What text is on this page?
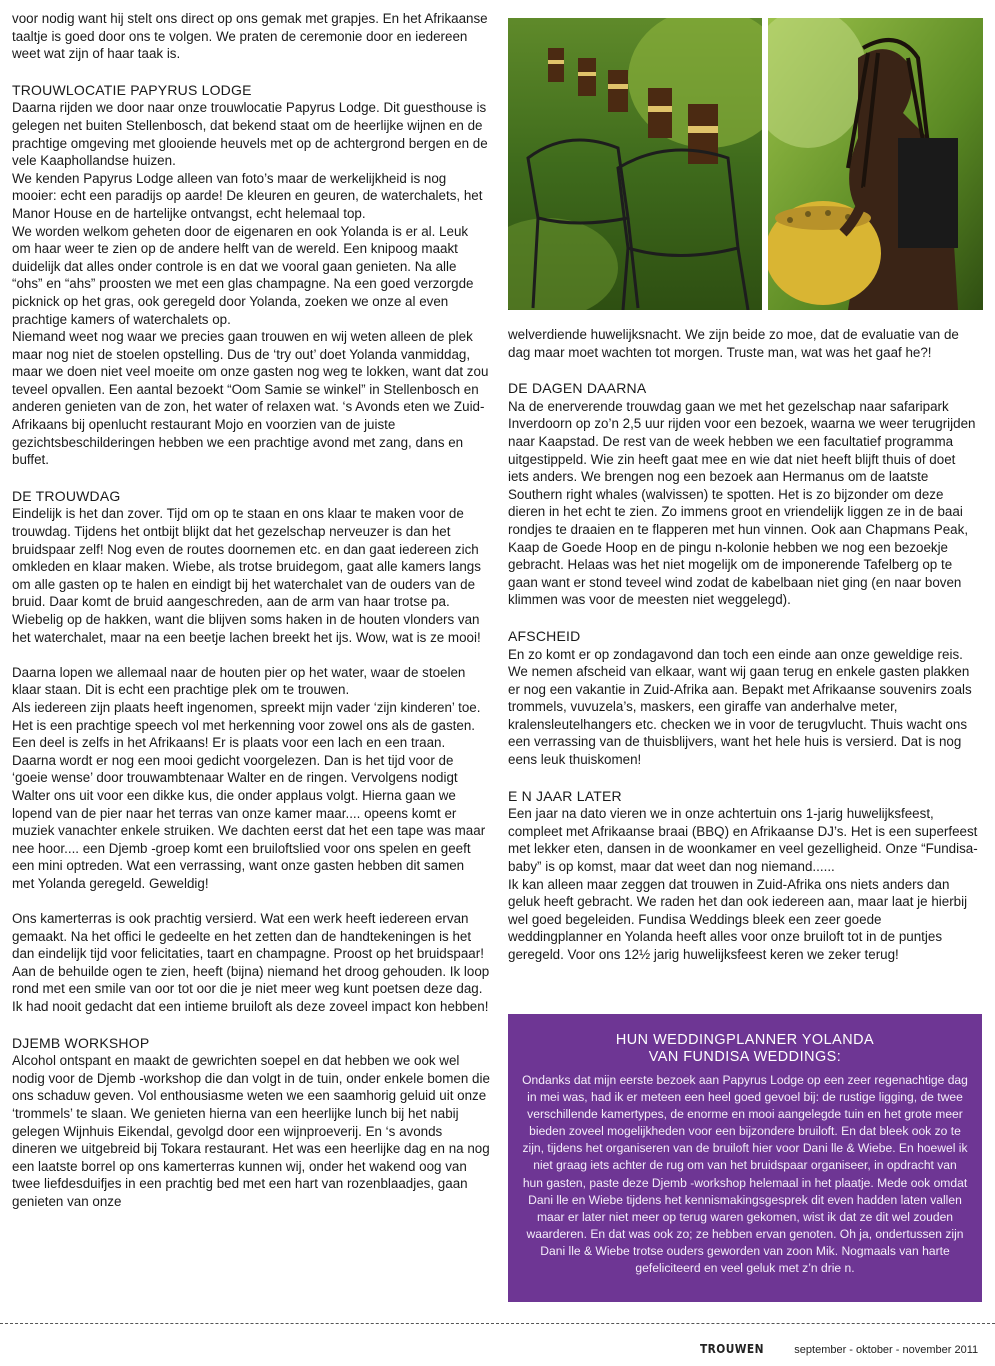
voor nodig want hij stelt ons direct op ons gemak met grapjes. En het Afrikaanse taaltje is goed door ons te volgen. We praten de ceremonie door en iedereen weet wat zijn of haar taak is.

TROUWLOCATIE PAPYRUS LODGE

Daarna rijden we door naar onze trouwlocatie Papyrus Lodge. Dit guesthouse is gelegen net buiten Stellenbosch, dat bekend staat om de heerlijke wijnen en de prachtige omgeving met glooiende heuvels met op de achtergrond bergen en de vele Kaaphollandse huizen.

We kenden Papyrus Lodge alleen van foto’s maar de werkelijkheid is nog mooier: echt een paradijs op aarde! De kleuren en geuren, de waterchalets, het Manor House en de hartelijke ontvangst, echt helemaal top.

We worden welkom geheten door de eigenaren en ook Yolanda is er al. Leuk om haar weer te zien op de andere helft van de wereld. Een knipoog maakt duidelijk dat alles onder controle is en dat we vooral gaan genieten. Na alle “ohs” en “ahs” proosten we met een glas champagne. Na een goed verzorgde picknick op het gras, ook geregeld door Yolanda, zoeken we onze al even prachtige kamers of waterchalets op.

Niemand weet nog waar we precies gaan trouwen en wij weten alleen de plek maar nog niet de stoelen opstelling. Dus de ‘try out’ doet Yolanda vanmiddag, maar we doen niet veel moeite om onze gasten nog weg te lokken, want dat zou teveel opvallen. Een aantal bezoekt “Oom Samie se winkel” in Stellenbosch en anderen genieten van de zon, het water of relaxen wat. ‘s Avonds eten we Zuid-Afrikaans bij openlucht restaurant Mojo en voorzien van de juiste gezichtsbeschilderingen hebben we een prachtige avond met zang, dans en buffet.

DE TROUWDAG

Eindelijk is het dan zover. Tijd om op te staan en ons klaar te maken voor de trouwdag. Tijdens het ontbijt blijkt dat het gezelschap nerveuzer is dan het bruidspaar zelf! Nog even de routes doornemen etc. en dan gaat iedereen zich omkleden en klaar maken. Wiebe, als trotse bruidegom, gaat alle kamers langs om alle gasten op te halen en eindigt bij het waterchalet van de ouders van de bruid. Daar komt de bruid aangeschreden, aan de arm van haar trotse pa. Wiebelig op de hakken, want die blijven soms haken in de houten vlonders van het waterchalet, maar na een beetje lachen breekt het ijs. Wow, wat is ze mooi!

Daarna lopen we allemaal naar de houten pier op het water, waar de stoelen klaar staan. Dit is echt een prachtige plek om te trouwen.

Als iedereen zijn plaats heeft ingenomen, spreekt mijn vader ‘zijn kinderen’ toe. Het is een prachtige speech vol met herkenning voor zowel ons als de gasten. Een deel is zelfs in het Afrikaans! Er is plaats voor een lach en een traan. Daarna wordt er nog een mooi gedicht voorgelezen. Dan is het tijd voor de ‘goeie wense’ door trouwambtenaar Walter en de ringen. Vervolgens nodigt Walter ons uit voor een dikke kus, die onder applaus volgt. Hierna gaan we lopend van de pier naar het terras van onze kamer maar.... opeens komt er muziek vanachter enkele struiken. We dachten eerst dat het een tape was maar nee hoor.... een Djemb -groep komt een bruiloftslied voor ons spelen en geeft een mini optreden. Wat een verrassing, want onze gasten hebben dit samen met Yolanda geregeld. Geweldig!

Ons kamerterras is ook prachtig versierd. Wat een werk heeft iedereen ervan gemaakt. Na het offici le gedeelte en het zetten dan de handtekeningen is het dan eindelijk tijd voor felicitaties, taart en champagne. Proost op het bruidspaar! Aan de behuilde ogen te zien, heeft (bijna) niemand het droog gehouden. Ik loop rond met een smile van oor tot oor die je niet meer weg kunt poetsen deze dag. Ik had nooit gedacht dat een intieme bruiloft als deze zoveel impact kon hebben!

DJEMB WORKSHOP

Alcohol ontspant en maakt de gewrichten soepel en dat hebben we ook wel nodig voor de Djemb -workshop die dan volgt in de tuin, onder enkele bomen die ons schaduw geven. Vol enthousiasme weten we een saamhorig geluid uit onze ‘trommels’ te slaan. We genieten hierna van een heerlijke lunch bij het nabij gelegen Wijnhuis Eikendal, gevolgd door een wijnproeverij. En ‘s avonds dineren we uitgebreid bij Tokara restaurant. Het was een heerlijke dag en na nog een laatste borrel op ons kamerterras kunnen wij, onder het wakend oog van twee liefdesduifjes in een prachtig bed met een hart van rozenblaadjes, gaan genieten van onze

welverdiende huwelijksnacht. We zijn beide zo moe, dat de evaluatie van de dag maar moet wachten tot morgen. Truste man, wat was het gaaf he?!

DE DAGEN DAARNA

Na de enerverende trouwdag gaan we met het gezelschap naar safaripark Inverdoorn op zo’n 2,5 uur rijden voor een bezoek, waarna we weer terugrijden naar Kaapstad. De rest van de week hebben we een facultatief programma uitgestippeld. Wie zin heeft gaat mee en wie dat niet heeft blijft thuis of doet iets anders. We brengen nog een bezoek aan Hermanus om de laatste Southern right whales (walvissen) te spotten. Het is zo bijzonder om deze dieren in het echt te zien. Zo immens groot en vriendelijk liggen ze in de baai rondjes te draaien en te flapperen met hun vinnen. Ook aan Chapmans Peak, Kaap de Goede Hoop en de pingu n-kolonie hebben we nog een bezoekje gebracht. Helaas was het niet mogelijk om de imponerende Tafelberg op te gaan want er stond teveel wind zodat de kabelbaan niet ging (en naar boven klimmen was voor de meesten niet weggelegd).

AFSCHEID

En zo komt er op zondagavond dan toch een einde aan onze geweldige reis. We nemen afscheid van elkaar, want wij gaan terug en enkele gasten plakken er nog een vakantie in Zuid-Afrika aan. Bepakt met Afrikaanse souvenirs zoals trommels, vuvuzela’s, maskers, een giraffe van anderhalve meter, kralensleutelhangers etc. checken we in voor de terugvlucht. Thuis wacht ons een verrassing van de thuisblijvers, want het hele huis is versierd. Dat is nog eens leuk thuiskomen!

E N JAAR LATER

Een jaar na dato vieren we in onze achtertuin ons 1-jarig huwelijksfeest, compleet met Afrikaanse braai (BBQ) en Afrikaanse DJ’s. Het is een superfeest met lekker eten, dansen in de woonkamer en veel gezelligheid. Onze “Fundisa-baby” is op komst, maar dat weet dan nog niemand......

Ik kan alleen maar zeggen dat trouwen in Zuid-Afrika ons niets anders dan geluk heeft gebracht. We raden het dan ook iedereen aan, maar laat je hierbij wel goed begeleiden. Fundisa Weddings bleek een zeer goede weddingplanner en Yolanda heeft alles voor onze bruiloft tot in de puntjes geregeld. Voor ons 12½ jarig huwelijksfeest keren we zeker terug!

HUN WEDDINGPLANNER YOLANDA
VAN FUNDISA WEDDINGS:

Ondanks dat mijn eerste bezoek aan Papyrus Lodge op een zeer regenachtige dag in mei was, had ik er meteen een heel goed gevoel bij: de rustige ligging, de twee verschillende kamertypes, de enorme en mooi aangelegde tuin en het grote meer bieden zoveel mogelijkheden voor een bijzondere bruiloft. En dat bleek ook zo te zijn, tijdens het organiseren van de bruiloft hier voor Dani lle & Wiebe. En hoewel ik niet graag iets achter de rug om van het bruidspaar organiseer, in opdracht van hun gasten, paste deze Djemb -workshop helemaal in het plaatje. Mede ook omdat Dani lle en Wiebe tijdens het kennismakingsgesprek dit even hadden laten vallen maar er later niet meer op terug waren gekomen, wist ik dat ze dit wel zouden waarderen. En dat was ook zo; ze hebben ervan genoten. Oh ja, ondertussen zijn Dani lle & Wiebe trotse ouders geworden van zoon Mik. Nogmaals van harte gefeliciteerd en veel geluk met z’n drie n.

TROUWEN	september - oktober - november 2011
